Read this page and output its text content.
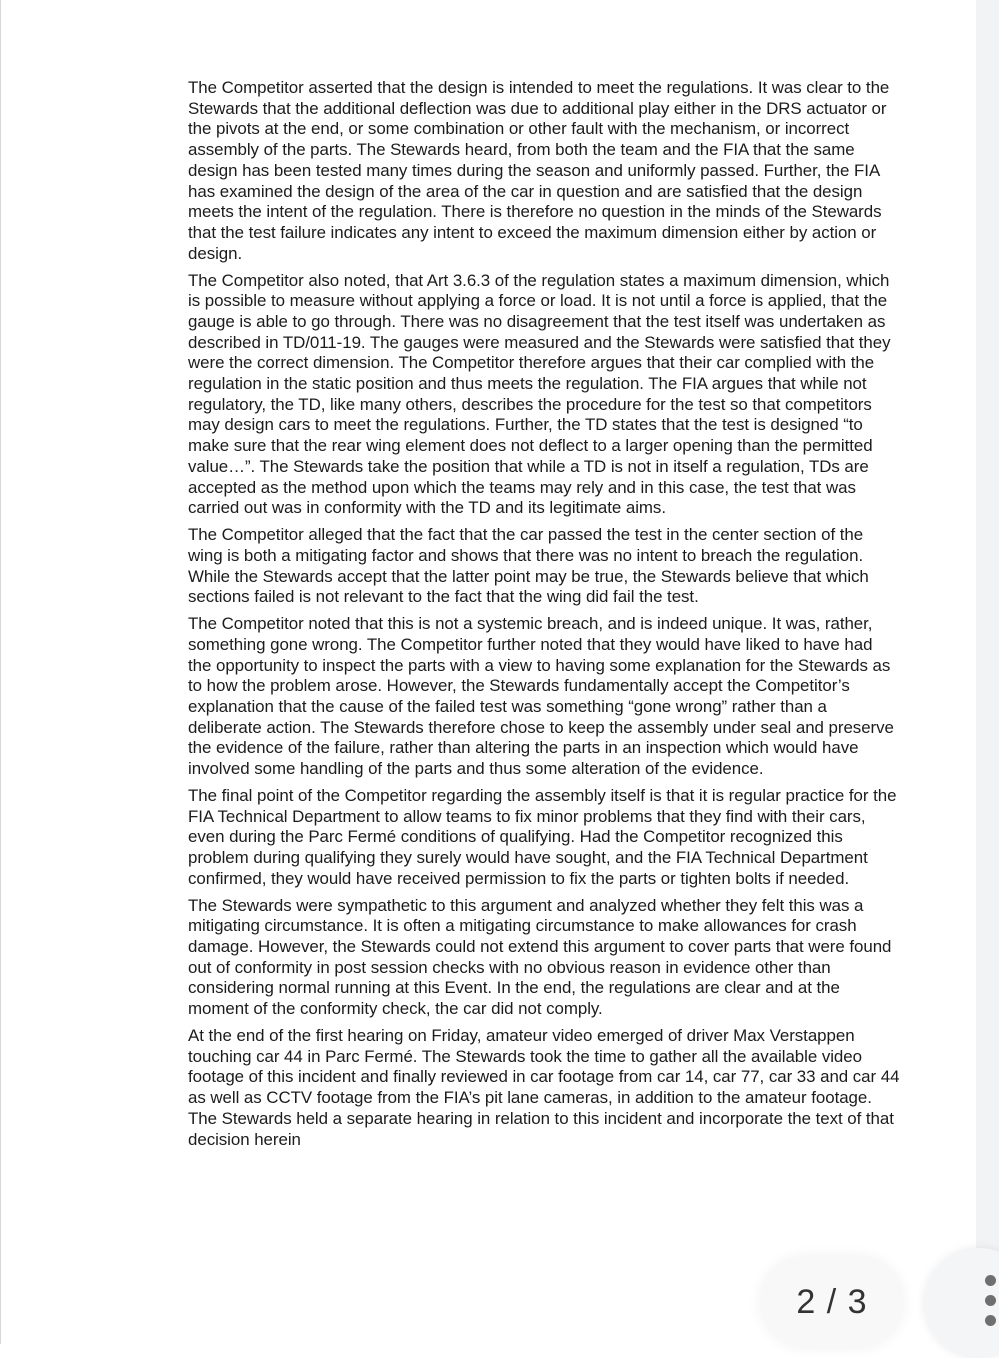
The Competitor asserted that the design is intended to meet the regulations. It was clear to the Stewards that the additional deflection was due to additional play either in the DRS actuator or the pivots at the end, or some combination or other fault with the mechanism, or incorrect assembly of the parts. The Stewards heard, from both the team and the FIA that the same design has been tested many times during the season and uniformly passed. Further, the FIA has examined the design of the area of the car in question and are satisfied that the design meets the intent of the regulation. There is therefore no question in the minds of the Stewards that the test failure indicates any intent to exceed the maximum dimension either by action or design.

The Competitor also noted, that Art 3.6.3 of the regulation states a maximum dimension, which is possible to measure without applying a force or load. It is not until a force is applied, that the gauge is able to go through. There was no disagreement that the test itself was undertaken as described in TD/011-19. The gauges were measured and the Stewards were satisfied that they were the correct dimension. The Competitor therefore argues that their car complied with the regulation in the static position and thus meets the regulation. The FIA argues that while not regulatory, the TD, like many others, describes the procedure for the test so that competitors may design cars to meet the regulations. Further, the TD states that the test is designed “to make sure that the rear wing element does not deflect to a larger opening than the permitted value…”. The Stewards take the position that while a TD is not in itself a regulation, TDs are accepted as the method upon which the teams may rely and in this case, the test that was carried out was in conformity with the TD and its legitimate aims.

The Competitor alleged that the fact that the car passed the test in the center section of the wing is both a mitigating factor and shows that there was no intent to breach the regulation. While the Stewards accept that the latter point may be true, the Stewards believe that which sections failed is not relevant to the fact that the wing did fail the test.

The Competitor noted that this is not a systemic breach, and is indeed unique. It was, rather, something gone wrong. The Competitor further noted that they would have liked to have had the opportunity to inspect the parts with a view to having some explanation for the Stewards as to how the problem arose. However, the Stewards fundamentally accept the Competitor’s explanation that the cause of the failed test was something “gone wrong” rather than a deliberate action. The Stewards therefore chose to keep the assembly under seal and preserve the evidence of the failure, rather than altering the parts in an inspection which would have involved some handling of the parts and thus some alteration of the evidence.

The final point of the Competitor regarding the assembly itself is that it is regular practice for the FIA Technical Department to allow teams to fix minor problems that they find with their cars, even during the Parc Fermé conditions of qualifying. Had the Competitor recognized this problem during qualifying they surely would have sought, and the FIA Technical Department confirmed, they would have received permission to fix the parts or tighten bolts if needed.

The Stewards were sympathetic to this argument and analyzed whether they felt this was a mitigating circumstance. It is often a mitigating circumstance to make allowances for crash damage. However, the Stewards could not extend this argument to cover parts that were found out of conformity in post session checks with no obvious reason in evidence other than considering normal running at this Event. In the end, the regulations are clear and at the moment of the conformity check, the car did not comply.

At the end of the first hearing on Friday, amateur video emerged of driver Max Verstappen touching car 44 in Parc Fermé. The Stewards took the time to gather all the available video footage of this incident and finally reviewed in car footage from car 14, car 77, car 33 and car 44 as well as CCTV footage from the FIA’s pit lane cameras, in addition to the amateur footage. The Stewards held a separate hearing in relation to this incident and incorporate the text of that decision herein

2 / 3
